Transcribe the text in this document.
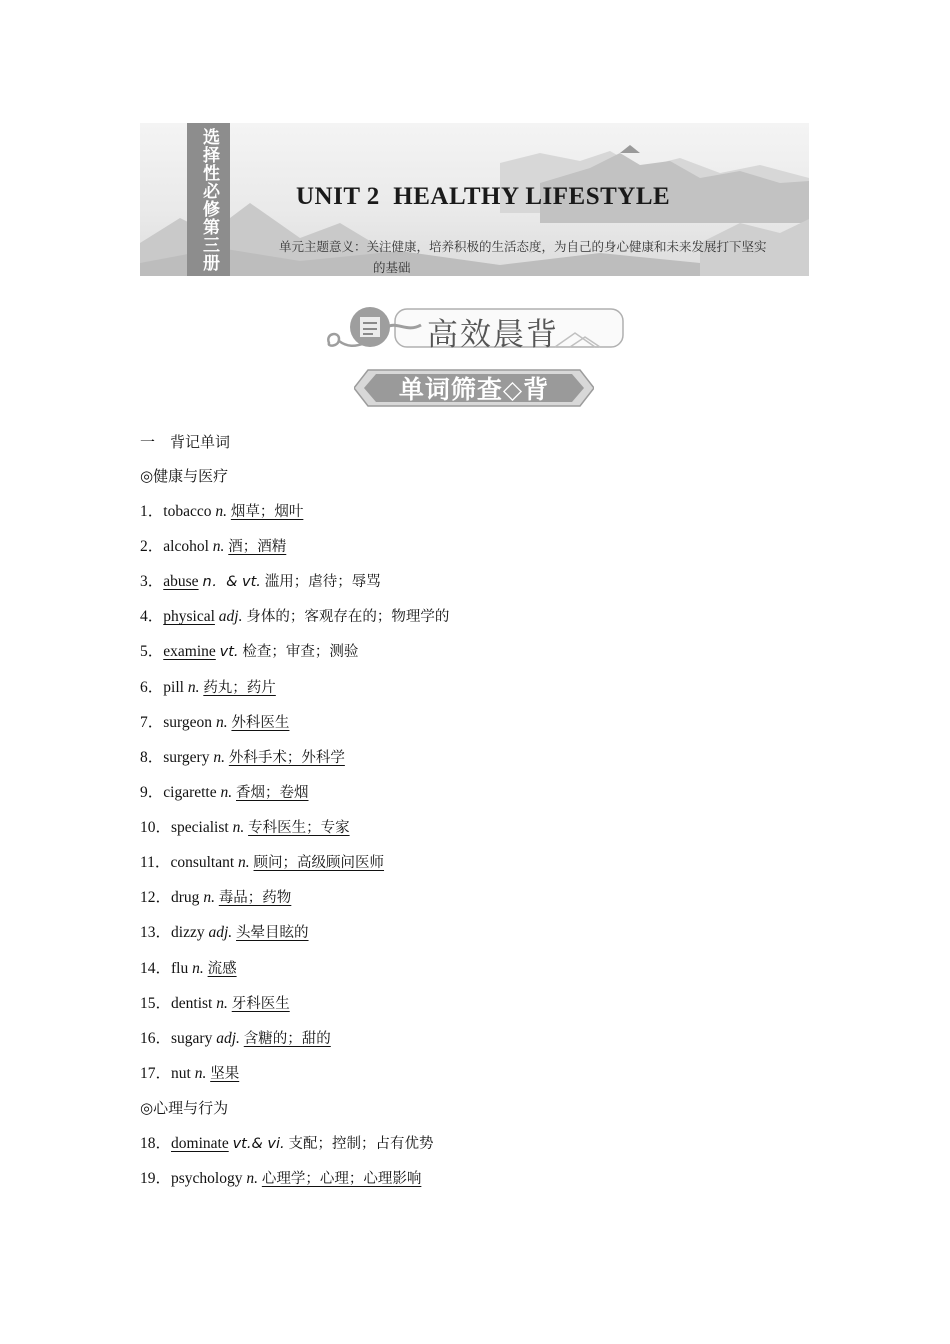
选择性必修第三册	UNIT 2  HEALTHY LIFESTYLE
单元主题意义：关注健康，培养积极的生活态度，为自己的身心健康和未来发展打下坚实
的基础
高效晨背
单词筛查◇背
一　背记单词
◎健康与医疗
◎心理与行为
1．tobacco n. 烟草；烟叶
2．alcohol n. 酒；酒精
3．abuse n．& vt. 滥用；虐待；辱骂
4．physical adj. 身体的；客观存在的；物理学的
5．examine vt. 检查；审查；测验
6．pill n. 药丸；药片
7．surgeon n. 外科医生
8．surgery n. 外科手术；外科学
9．cigarette n. 香烟；卷烟
10．specialist n. 专科医生；专家
11．consultant n. 顾问；高级顾问医师
12．drug n. 毒品；药物
13．dizzy adj. 头晕目眩的
14．flu n. 流感
15．dentist n. 牙科医生
16．sugary adj. 含糖的；甜的
17．nut n. 坚果
18．dominate vt.& vi. 支配；控制；占有优势
19．psychology n. 心理学；心理；心理影响
